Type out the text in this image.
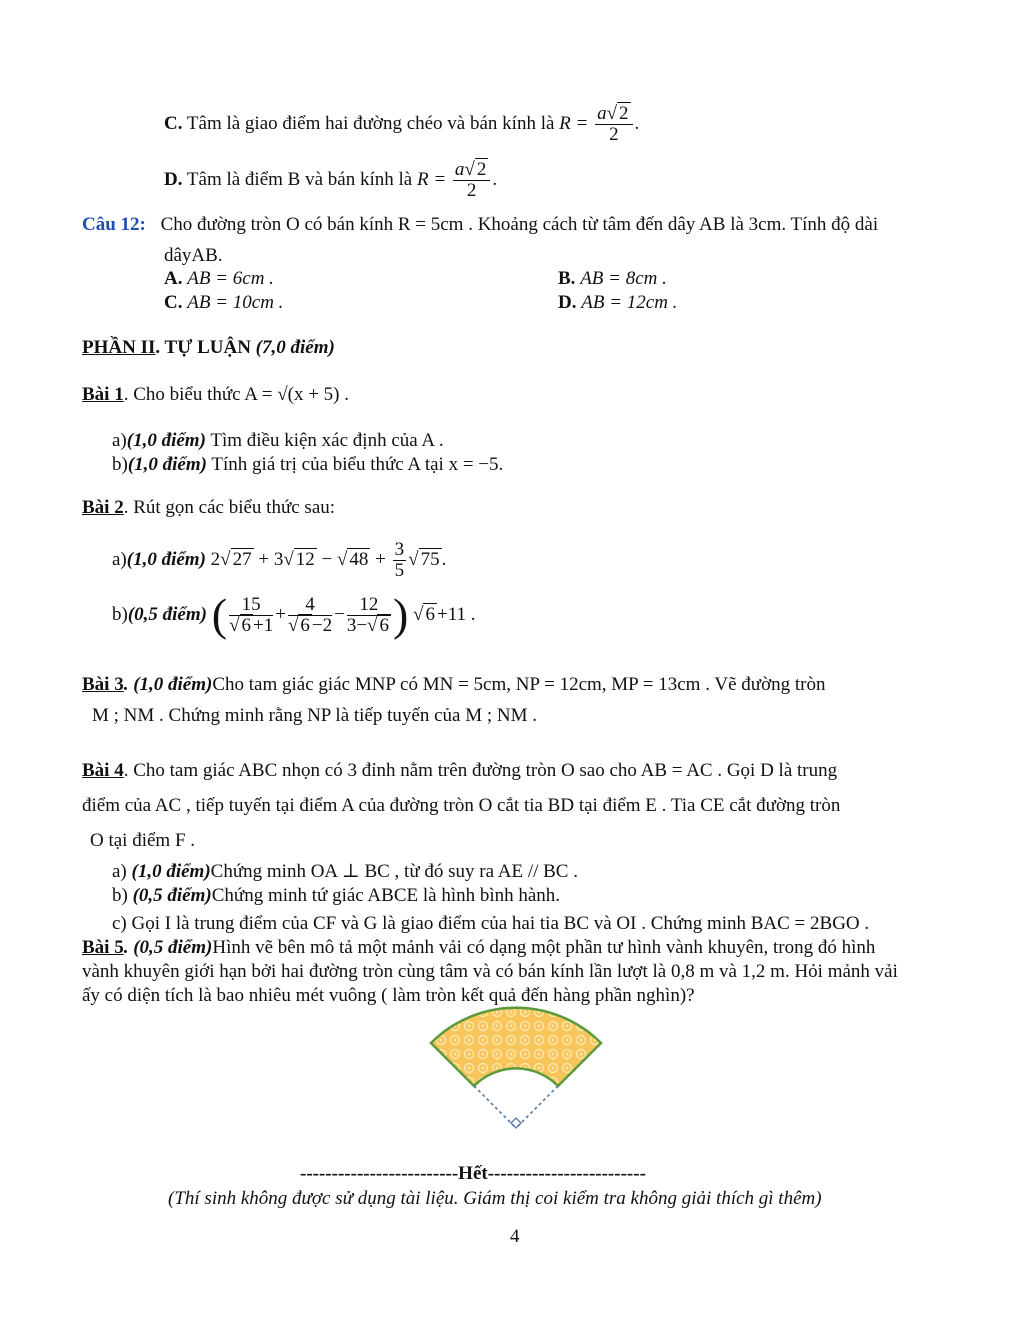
C. Tâm là giao điểm hai đường chéo và bán kính là $R = \frac{a√ 2}{2}$ .
D. Tâm là điểm B và bán kính là $R = \frac{a√ 2}{2}$ .
Câu 12: Cho đường tròn O có bán kính R = 5cm . Khoảng cách từ tâm đến dây AB là 3cm. Tính độ dài
dâyAB.
A. AB = 6cm .	B. AB = 8cm .
C. AB = 10cm .	D. AB = 12cm .
PHẦN II. TỰ LUẬN (7,0 điểm)
Bài 1. Cho biểu thức A = √(x + 5) .
a)(1,0 điểm) Tìm điều kiện xác định của A .
b)(1,0 điểm) Tính giá trị của biểu thức A tại x = −5.
Bài 2. Rút gọn các biểu thức sau:
a)(1,0 điểm) 2√ 27 + 3√ 12 − √ $48 + \frac{3}{5}$ √ 75 .
b)(0,5 điểm) ( $\frac{15}{√ 6 +1} + \frac{4}{√ 6 -2} - \frac{12}{3-√ 6}$ ) √ 6 +11 .
Bài 3. (1,0 điểm)Cho tam giác giác MNP có MN = 5cm, NP = 12cm, MP = 13cm . Vẽ đường tròn
M ; NM . Chứng minh rằng NP là tiếp tuyến của M ; NM .
Bài 4. Cho tam giác ABC nhọn có 3 đỉnh nằm trên đường tròn O sao cho AB = AC . Gọi D là trung
điểm của AC , tiếp tuyến tại điểm A của đường tròn O cắt tia BD tại điểm E . Tia CE cắt đường tròn
O tại điểm F .
a) (1,0 điểm)Chứng minh OA ⊥ BC , từ đó suy ra AE // BC .
b) (0,5 điểm)Chứng minh tứ giác ABCE là hình bình hành.
c) Gọi I là trung điểm của CF và G là giao điểm của hai tia BC và OI . Chứng minh BAC = 2BGO .
Bài 5. (0,5 điểm)Hình vẽ bên mô tả một mảnh vải có dạng một phần tư hình vành khuyên, trong đó hình
vành khuyên giới hạn bởi hai đường tròn cùng tâm và có bán kính lần lượt là 0,8 m và 1,2 m. Hỏi mảnh vải
ấy có diện tích là bao nhiêu mét vuông ( làm tròn kết quả đến hàng phần nghìn)?
-------------------------Hết-------------------------
(Thí sinh không được sử dụng tài liệu. Giám thị coi kiểm tra không giải thích gì thêm)
4
